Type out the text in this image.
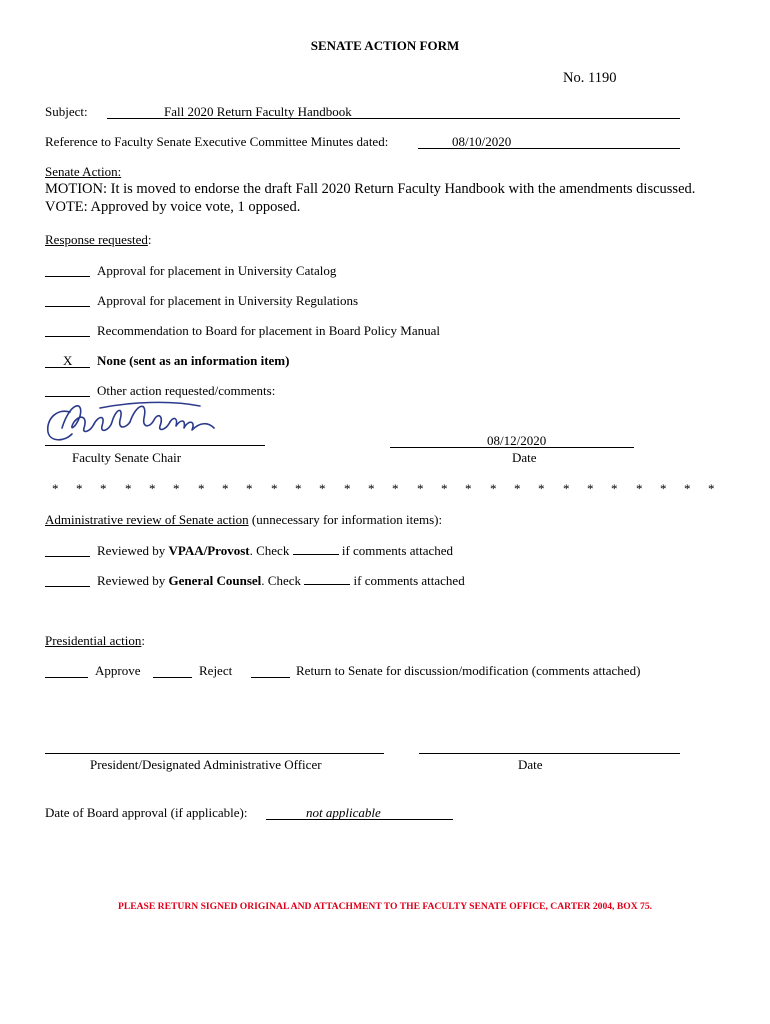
SENATE ACTION FORM
No. 1190
Subject:	Fall 2020 Return Faculty Handbook
Reference to Faculty Senate Executive Committee Minutes dated:	08/10/2020
Senate Action:
MOTION: It is moved to endorse the draft Fall 2020 Return Faculty Handbook with the amendments discussed.
VOTE: Approved by voice vote, 1 opposed.
Response requested:
Approval for placement in University Catalog
Approval for placement in University Regulations
Recommendation to Board for placement in Board Policy Manual
X None (sent as an information item)
Other action requested/comments:
Faculty Senate Chair
08/12/2020
Date
* * * * * * * * * * * * * * * * * * * * * * * * * * * *
Administrative review of Senate action (unnecessary for information items):
Reviewed by VPAA/Provost. Check	if comments attached
Reviewed by General Counsel. Check	if comments attached
Presidential action:
Approve	Reject	Return to Senate for discussion/modification (comments attached)
President/Designated Administrative Officer	Date
Date of Board approval (if applicable):	not applicable
PLEASE RETURN SIGNED ORIGINAL AND ATTACHMENT TO THE FACULTY SENATE OFFICE, CARTER 2004, BOX 75.
